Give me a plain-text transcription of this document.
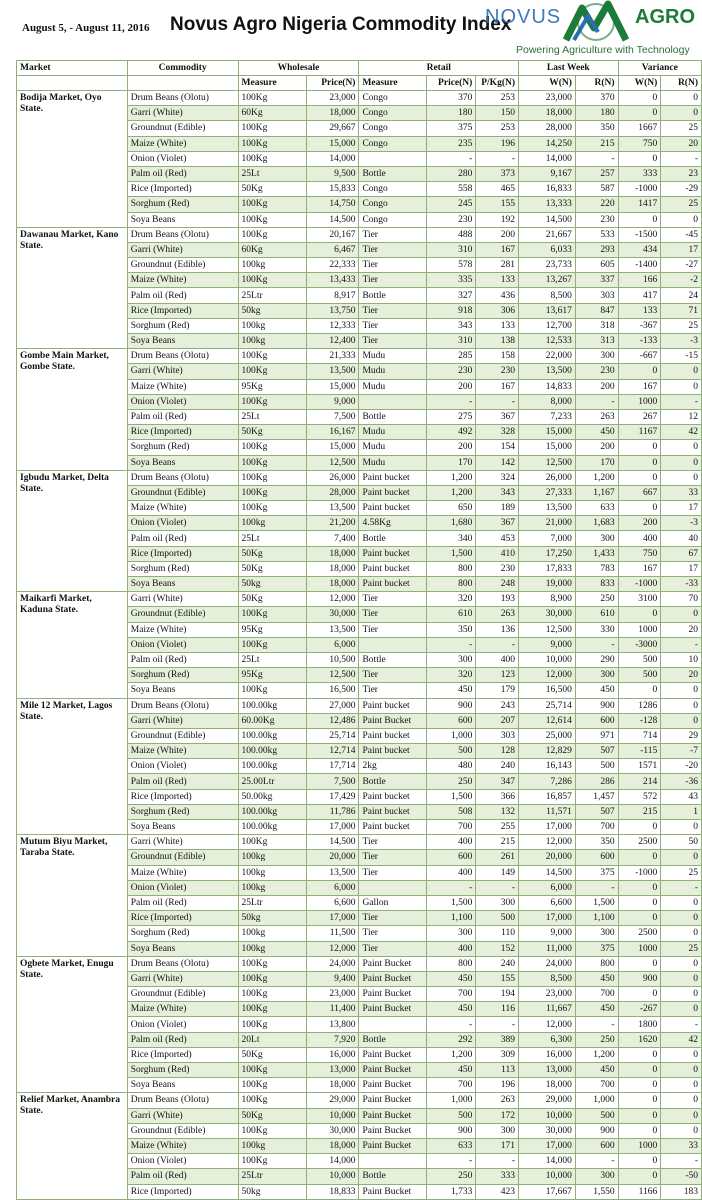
August 5, - August 11, 2016 Novus Agro Nigeria Commodity Index
NOVUS	AGRO
Powering Agriculture with Technology
Market	Commodity	Wholesale		Retail			Last Week		Variance	
		Measure	Price(N)	Measure	Price(N)	P/Kg(N)	W(N)	R(N)	W(N)	R(N)
Bodija Market, Oyo State.	Drum Beans (Olotu)	100Kg	23,000	Congo	370	253	23,000	370	0	0
	Garri (White)	60Kg	18,000	Congo	180	150	18,000	180	0	0
	Groundnut (Edible)	100Kg	29,667	Congo	375	253	28,000	350	1667	25
	Maize (White)	100Kg	15,000	Congo	235	196	14,250	215	750	20
	Onion (Violet)	100Kg	14,000		-	-	14,000	-	0	-
	Palm oil (Red)	25Lt	9,500	Bottle	280	373	9,167	257	333	23
	Rice (Imported)	50Kg	15,833	Congo	558	465	16,833	587	-1000	-29
	Sorghum (Red)	100Kg	14,750	Congo	245	155	13,333	220	1417	25
	Soya Beans	100Kg	14,500	Congo	230	192	14,500	230	0	0
Dawanau Market, Kano State.	Drum Beans (Olotu)	100Kg	20,167	Tier	488	200	21,667	533	-1500	-45
	Garri (White)	60Kg	6,467	Tier	310	167	6,033	293	434	17
	Groundnut (Edible)	100kg	22,333	Tier	578	281	23,733	605	-1400	-27
	Maize (White)	100Kg	13,433	Tier	335	133	13,267	337	166	-2
	Palm oil (Red)	25Ltr	8,917	Bottle	327	436	8,500	303	417	24
	Rice (Imported)	50kg	13,750	Tier	918	306	13,617	847	133	71
	Sorghum (Red)	100kg	12,333	Tier	343	133	12,700	318	-367	25
	Soya Beans	100kg	12,400	Tier	310	138	12,533	313	-133	-3
Gombe Main Market, Gombe State.	Drum Beans (Olotu)	100Kg	21,333	Mudu	285	158	22,000	300	-667	-15
	Garri (White)	100Kg	13,500	Mudu	230	230	13,500	230	0	0
	Maize (White)	95Kg	15,000	Mudu	200	167	14,833	200	167	0
	Onion (Violet)	100Kg	9,000		-	-	8,000	-	1000	-
	Palm oil (Red)	25Lt	7,500	Bottle	275	367	7,233	263	267	12
	Rice (Imported)	50Kg	16,167	Mudu	492	328	15,000	450	1167	42
	Sorghum (Red)	100Kg	15,000	Mudu	200	154	15,000	200	0	0
	Soya Beans	100Kg	12,500	Mudu	170	142	12,500	170	0	0
Igbudu Market, Delta State.	Drum Beans (Olotu)	100Kg	26,000	Paint bucket	1,200	324	26,000	1,200	0	0
	Groundnut (Edible)	100Kg	28,000	Paint bucket	1,200	343	27,333	1,167	667	33
	Maize (White)	100Kg	13,500	Paint bucket	650	189	13,500	633	0	17
	Onion (Violet)	100kg	21,200	4.58Kg	1,680	367	21,000	1,683	200	-3
	Palm oil (Red)	25Lt	7,400	Bottle	340	453	7,000	300	400	40
	Rice (Imported)	50Kg	18,000	Paint bucket	1,500	410	17,250	1,433	750	67
	Sorghum (Red)	50Kg	18,000	Paint bucket	800	230	17,833	783	167	17
	Soya Beans	50kg	18,000	Paint bucket	800	248	19,000	833	-1000	-33
Maikarfi Market, Kaduna State.	Garri (White)	50Kg	12,000	Tier	320	193	8,900	250	3100	70
	Groundnut (Edible)	100Kg	30,000	Tier	610	263	30,000	610	0	0
	Maize (White)	95Kg	13,500	Tier	350	136	12,500	330	1000	20
	Onion (Violet)	100Kg	6,000		-	-	9,000	-	-3000	-
	Palm oil (Red)	25Lt	10,500	Bottle	300	400	10,000	290	500	10
	Sorghum (Red)	95Kg	12,500	Tier	320	123	12,000	300	500	20
	Soya Beans	100Kg	16,500	Tier	450	179	16,500	450	0	0
Mile 12 Market, Lagos State.	Drum Beans (Olotu)	100.00kg	27,000	Paint bucket	900	243	25,714	900	1286	0
	Garri (White)	60.00Kg	12,486	Paint Bucket	600	207	12,614	600	-128	0
	Groundnut (Edible)	100.00kg	25,714	Paint bucket	1,000	303	25,000	971	714	29
	Maize (White)	100.00kg	12,714	Paint bucket	500	128	12,829	507	-115	-7
	Onion (Violet)	100.00kg	17,714	2kg	480	240	16,143	500	1571	-20
	Palm oil (Red)	25.00Ltr	7,500	Bottle	250	347	7,286	286	214	-36
	Rice (Imported)	50.00kg	17,429	Paint bucket	1,500	366	16,857	1,457	572	43
	Sorghum (Red)	100.00kg	11,786	Paint bucket	508	132	11,571	507	215	1
	Soya Beans	100.00kg	17,000	Paint bucket	700	255	17,000	700	0	0
Mutum Biyu Market, Taraba State.	Garri (White)	100Kg	14,500	Tier	400	215	12,000	350	2500	50
	Groundnut (Edible)	100kg	20,000	Tier	600	261	20,000	600	0	0
	Maize (White)	100kg	13,500	Tier	400	149	14,500	375	-1000	25
	Onion (Violet)	100kg	6,000		-	-	6,000	-	0	-
	Palm oil (Red)	25Ltr	6,600	Gallon	1,500	300	6,600	1,500	0	0
	Rice (Imported)	50kg	17,000	Tier	1,100	500	17,000	1,100	0	0
	Sorghum (Red)	100kg	11,500	Tier	300	110	9,000	300	2500	0
	Soya Beans	100kg	12,000	Tier	400	152	11,000	375	1000	25
Ogbete Market, Enugu State.	Drum Beans (Olotu)	100Kg	24,000	Paint Bucket	800	240	24,000	800	0	0
	Garri (White)	100Kg	9,400	Paint Bucket	450	155	8,500	450	900	0
	Groundnut (Edible)	100Kg	23,000	Paint Bucket	700	194	23,000	700	0	0
	Maize (White)	100Kg	11,400	Paint Bucket	450	116	11,667	450	-267	0
	Onion (Violet)	100Kg	13,800		-	-	12,000	-	1800	-
	Palm oil (Red)	20Lt	7,920	Bottle	292	389	6,300	250	1620	42
	Rice (Imported)	50Kg	16,000	Paint Bucket	1,200	309	16,000	1,200	0	0
	Sorghum (Red)	100Kg	13,000	Paint Bucket	450	113	13,000	450	0	0
	Soya Beans	100Kg	18,000	Paint Bucket	700	196	18,000	700	0	0
Relief Market, Anambra State.	Drum Beans (Olotu)	100Kg	29,000	Paint Bucket	1,000	263	29,000	1,000	0	0
	Garri (White)	50Kg	10,000	Paint Bucket	500	172	10,000	500	0	0
	Groundnut (Edible)	100Kg	30,000	Paint Bucket	900	300	30,000	900	0	0
	Maize (White)	100kg	18,000	Paint Bucket	633	171	17,000	600	1000	33
	Onion (Violet)	100Kg	14,000		-	-	14,000	-	0	-
	Palm oil (Red)	25Ltr	10,000	Bottle	250	333	10,000	300	0	-50
	Rice (Imported)	50kg	18,833	Paint Bucket	1,733	423	17,667	1,550	1166	183
